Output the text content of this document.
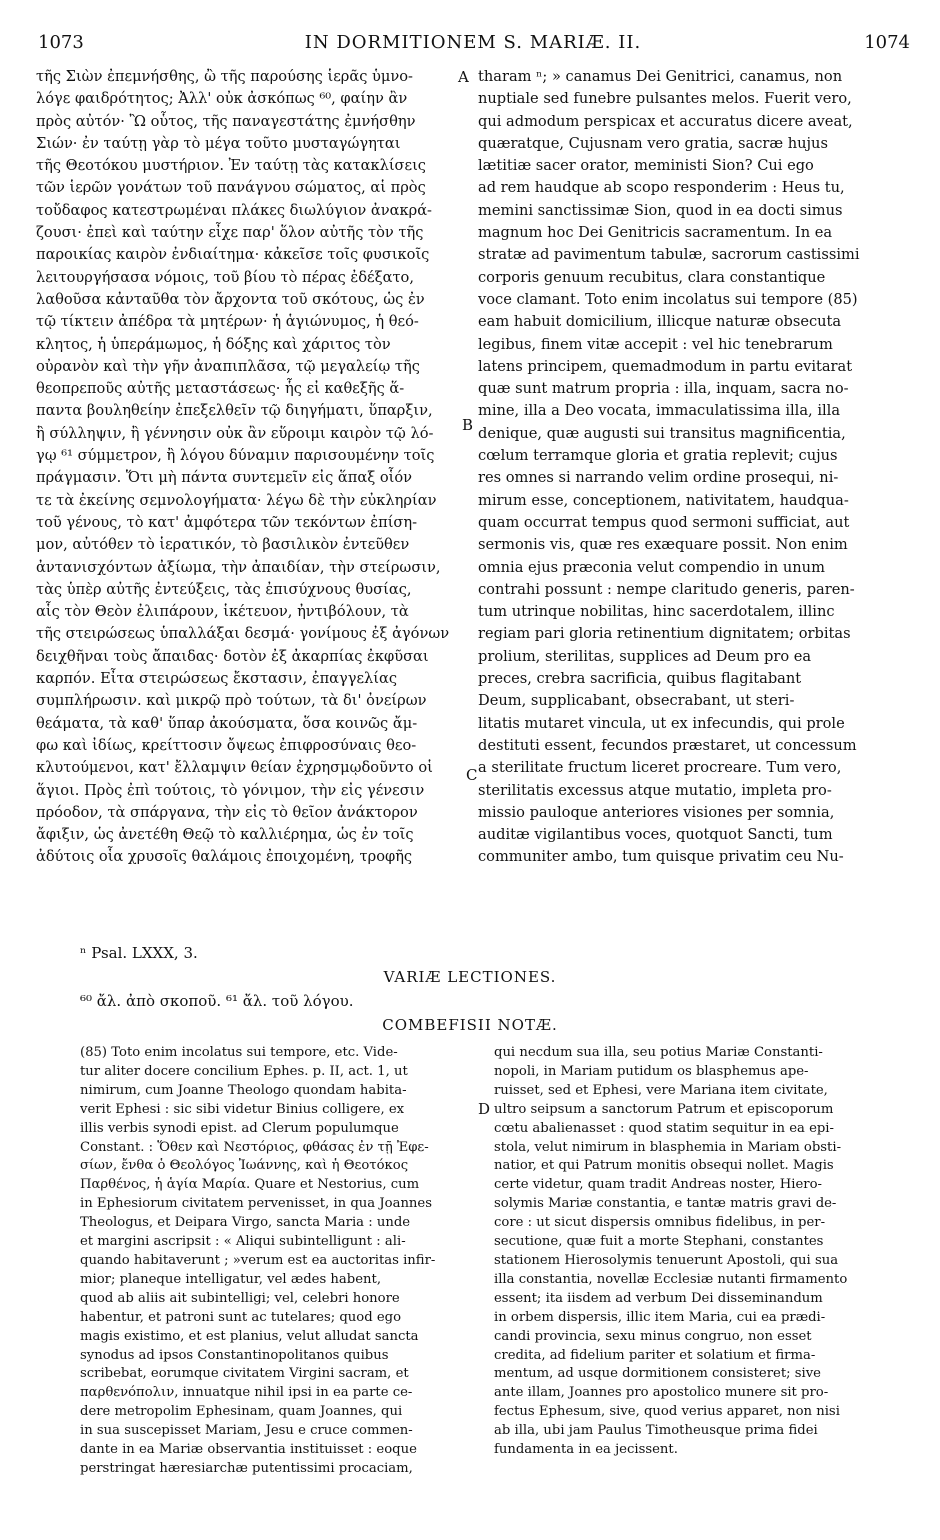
1073	IN DORMITIONEM S. MARIÆ. II.	1074
τῆς Σιὼν ἐπεμνήσθης, ὢ τῆς παρούσης ἱερᾶς ὑμνο-
λόγε φαιδρότητος; Ἀλλ' οὐκ ἀσκόπως ⁶⁰, φαίην ἂν
πρὸς αὐτόν· Ὢ οὗτος, τῆς παναγεστάτης ἐμνήσθην
Σιών· ἐν ταύτῃ γὰρ τὸ μέγα τοῦτο μυσταγώγηται
τῆς Θεοτόκου μυστήριον. Ἐν ταύτῃ τὰς κατακλίσεις
τῶν ἱερῶν γονάτων τοῦ πανάγνου σώματος, αἱ πρὸς
τοὔδαφος κατεστρωμέναι πλάκες διωλύγιον ἀνακρά-
ζουσι· ἐπεὶ καὶ ταύτην εἶχε παρ' ὅλον αὐτῆς τὸν τῆς
παροικίας καιρὸν ἐνδιαίτημα· κἀκεῖσε τοῖς φυσικοῖς
λειτουργήσασα νόμοις, τοῦ βίου τὸ πέρας ἐδέξατο,
λαθοῦσα κἀνταῦθα τὸν ἄρχοντα τοῦ σκότους, ὡς ἐν
τῷ τίκτειν ἀπέδρα τὰ μητέρων· ἡ ἁγιώνυμος, ἡ θεό-
κλητος, ἡ ὑπεράμωμος, ἡ δόξης καὶ χάριτος τὸν
οὐρανὸν καὶ τὴν γῆν ἀναπιπλᾶσα, τῷ μεγαλείῳ τῆς
θεοπρεποῦς αὐτῆς μεταστάσεως· ἧς εἰ καθεξῆς ἅ-
παντα βουληθείην ἐπεξελθεῖν τῷ διηγήματι, ὕπαρξιν,
ἢ σύλληψιν, ἢ γέννησιν οὐκ ἂν εὕροιμι καιρὸν τῷ λό-
γῳ ⁶¹ σύμμετρον, ἢ λόγου δύναμιν παρισουμένην τοῖς
πράγμασιν. Ὅτι μὴ πάντα συντεμεῖν εἰς ἅπαξ οἷόν
τε τὰ ἐκείνης σεμνολογήματα· λέγω δὲ τὴν εὐκληρίαν
τοῦ γένους, τὸ κατ' ἀμφότερα τῶν τεκόντων ἐπίση-
μον, αὐτόθεν τὸ ἱερατικόν, τὸ βασιλικὸν ἐντεῦθεν
ἀντανισχόντων ἀξίωμα, τὴν ἀπαιδίαν, τὴν στείρωσιν,
τὰς ὑπὲρ αὐτῆς ἐντεύξεις, τὰς ἐπισύχνους θυσίας,
αἷς τὸν Θεὸν ἐλιπάρουν, ἱκέτευον, ἠντιβόλουν, τὰ
τῆς στειρώσεως ὑπαλλάξαι δεσμά· γονίμους ἐξ ἀγόνων
δειχθῆναι τοὺς ἄπαιδας· δοτὸν ἐξ ἀκαρπίας ἐκφῦσαι
καρπόν. Εἶτα στειρώσεως ἔκστασιν, ἐπαγγελίας
συμπλήρωσιν. καὶ μικρῷ πρὸ τούτων, τὰ δι' ὀνείρων
θεάματα, τὰ καθ' ὕπαρ ἀκούσματα, ὅσα κοινῶς ἄμ-
φω καὶ ἰδίως, κρείττοσιν ὄψεως ἐπιφροσύναις θεο-
κλυτούμενοι, κατ' ἔλλαμψιν θείαν ἐχρησμῳδοῦντο οἱ
ἅγιοι. Πρὸς ἐπὶ τούτοις, τὸ γόνιμον, τὴν εἰς γένεσιν
πρόοδον, τὰ σπάργανα, τὴν εἰς τὸ θεῖον ἀνάκτορον
ἄφιξιν, ὡς ἀνετέθη Θεῷ τὸ καλλιέρημα, ὡς ἐν τοῖς
ἀδύτοις οἷα χρυσοῖς θαλάμοις ἐποιχομένη, τροφῆς
tharam ⁿ; » canamus Dei Genitrici, canamus, non
nuptiale sed funebre pulsantes melos. Fuerit vero,
qui admodum perspicax et accuratus dicere aveat,
quæratque, Cujusnam vero gratia, sacræ hujus
lætitiæ sacer orator, meministi Sion? Cui ego
ad rem haudque ab scopo responderim : Heus tu,
memini sanctissimæ Sion, quod in ea docti simus
magnum hoc Dei Genitricis sacramentum. In ea
stratæ ad pavimentum tabulæ, sacrorum castissimi
corporis genuum recubitus, clara constantique
voce clamant. Toto enim incolatus sui tempore (85)
eam habuit domicilium, illicque naturæ obsecuta
legibus, finem vitæ accepit : vel hic tenebrarum
latens principem, quemadmodum in partu evitarat
quæ sunt matrum propria : illa, inquam, sacra no-
mine, illa a Deo vocata, immaculatissima illa, illa
denique, quæ augusti sui transitus magnificentia,
cœlum terramque gloria et gratia replevit; cujus
res omnes si narrando velim ordine prosequi, ni-
mirum esse, conceptionem, nativitatem, haudqua-
quam occurrat tempus quod sermoni sufficiat, aut
sermonis vis, quæ res exæquare possit. Non enim
omnia ejus præconia velut compendio in unum
contrahi possunt : nempe claritudo generis, paren-
tum utrinque nobilitas, hinc sacerdotalem, illinc
regiam pari gloria retinentium dignitatem; orbitas
prolium, sterilitas, supplices ad Deum pro ea
preces, crebra sacrificia, quibus flagitabant
Deum, supplicabant, obsecrabant, ut steri-
litatis mutaret vincula, ut ex infecundis, qui prole
destituti essent, fecundos præstaret, ut concessum
a sterilitate fructum liceret procreare. Tum vero,
sterilitatis excessus atque mutatio, impleta pro-
missio pauloque anteriores visiones per somnia,
auditæ vigilantibus voces, quotquot Sancti, tum
communiter ambo, tum quisque privatim ceu Nu-
A
B
C
D
ⁿ Psal. LXXX, 3.
VARIÆ LECTIONES.
⁶⁰ ἄλ. ἀπὸ σκοποῦ. ⁶¹ ἄλ. τοῦ λόγου.
COMBEFISII NOTÆ.
(85) Toto enim incolatus sui tempore, etc. Vide-
tur aliter docere concilium Ephes. p. II, act. 1, ut
nimirum, cum Joanne Theologo quondam habita-
verit Ephesi : sic sibi videtur Binius colligere, ex
illis verbis synodi epist. ad Clerum populumque
Constant. : Ὅθεν καὶ Νεστόριος, φθάσας ἐν τῇ Ἐφε-
σίων, ἔνθα ὁ Θεολόγος Ἰωάννης, καὶ ἡ Θεοτόκος
Παρθένος, ἡ ἁγία Μαρία. Quare et Nestorius, cum
in Ephesiorum civitatem pervenisset, in qua Joannes
Theologus, et Deipara Virgo, sancta Maria : unde
et margini ascripsit : « Aliqui subintelligunt : ali-
quando habitaverunt ; »verum est ea auctoritas infir-
mior; planeque intelligatur, vel ædes habent,
quod ab aliis ait subintelligi; vel, celebri honore
habentur, et patroni sunt ac tutelares; quod ego
magis existimo, et est planius, velut alludat sancta
synodus ad ipsos Constantinopolitanos quibus
scribebat, eorumque civitatem Virgini sacram, et
παρθενόπολιν, innuatque nihil ipsi in ea parte ce-
dere metropolim Ephesinam, quam Joannes, qui
in sua suscepisset Mariam, Jesu e cruce commen-
dante in ea Mariæ observantia instituisset : eoque
perstringat hæresiarchæ putentissimi procaciam,
qui necdum sua illa, seu potius Mariæ Constanti-
nopoli, in Mariam putidum os blasphemus ape-
ruisset, sed et Ephesi, vere Mariana item civitate,
ultro seipsum a sanctorum Patrum et episcoporum
cœtu abalienasset : quod statim sequitur in ea epi-
stola, velut nimirum in blasphemia in Mariam obsti-
natior, et qui Patrum monitis obsequi nollet. Magis
certe videtur, quam tradit Andreas noster, Hiero-
solymis Mariæ constantia, e tantæ matris gravi de-
core : ut sicut dispersis omnibus fidelibus, in per-
secutione, quæ fuit a morte Stephani, constantes
stationem Hierosolymis tenuerunt Apostoli, qui sua
illa constantia, novellæ Ecclesiæ nutanti firmamento
essent; ita iisdem ad verbum Dei disseminandum
in orbem dispersis, illic item Maria, cui ea prædi-
candi provincia, sexu minus congruo, non esset
credita, ad fidelium pariter et solatium et firma-
mentum, ad usque dormitionem consisteret; sive
ante illam, Joannes pro apostolico munere sit pro-
fectus Ephesum, sive, quod verius apparet, non nisi
ab illa, ubi jam Paulus Timotheusque prima fidei
fundamenta in ea jecissent.
